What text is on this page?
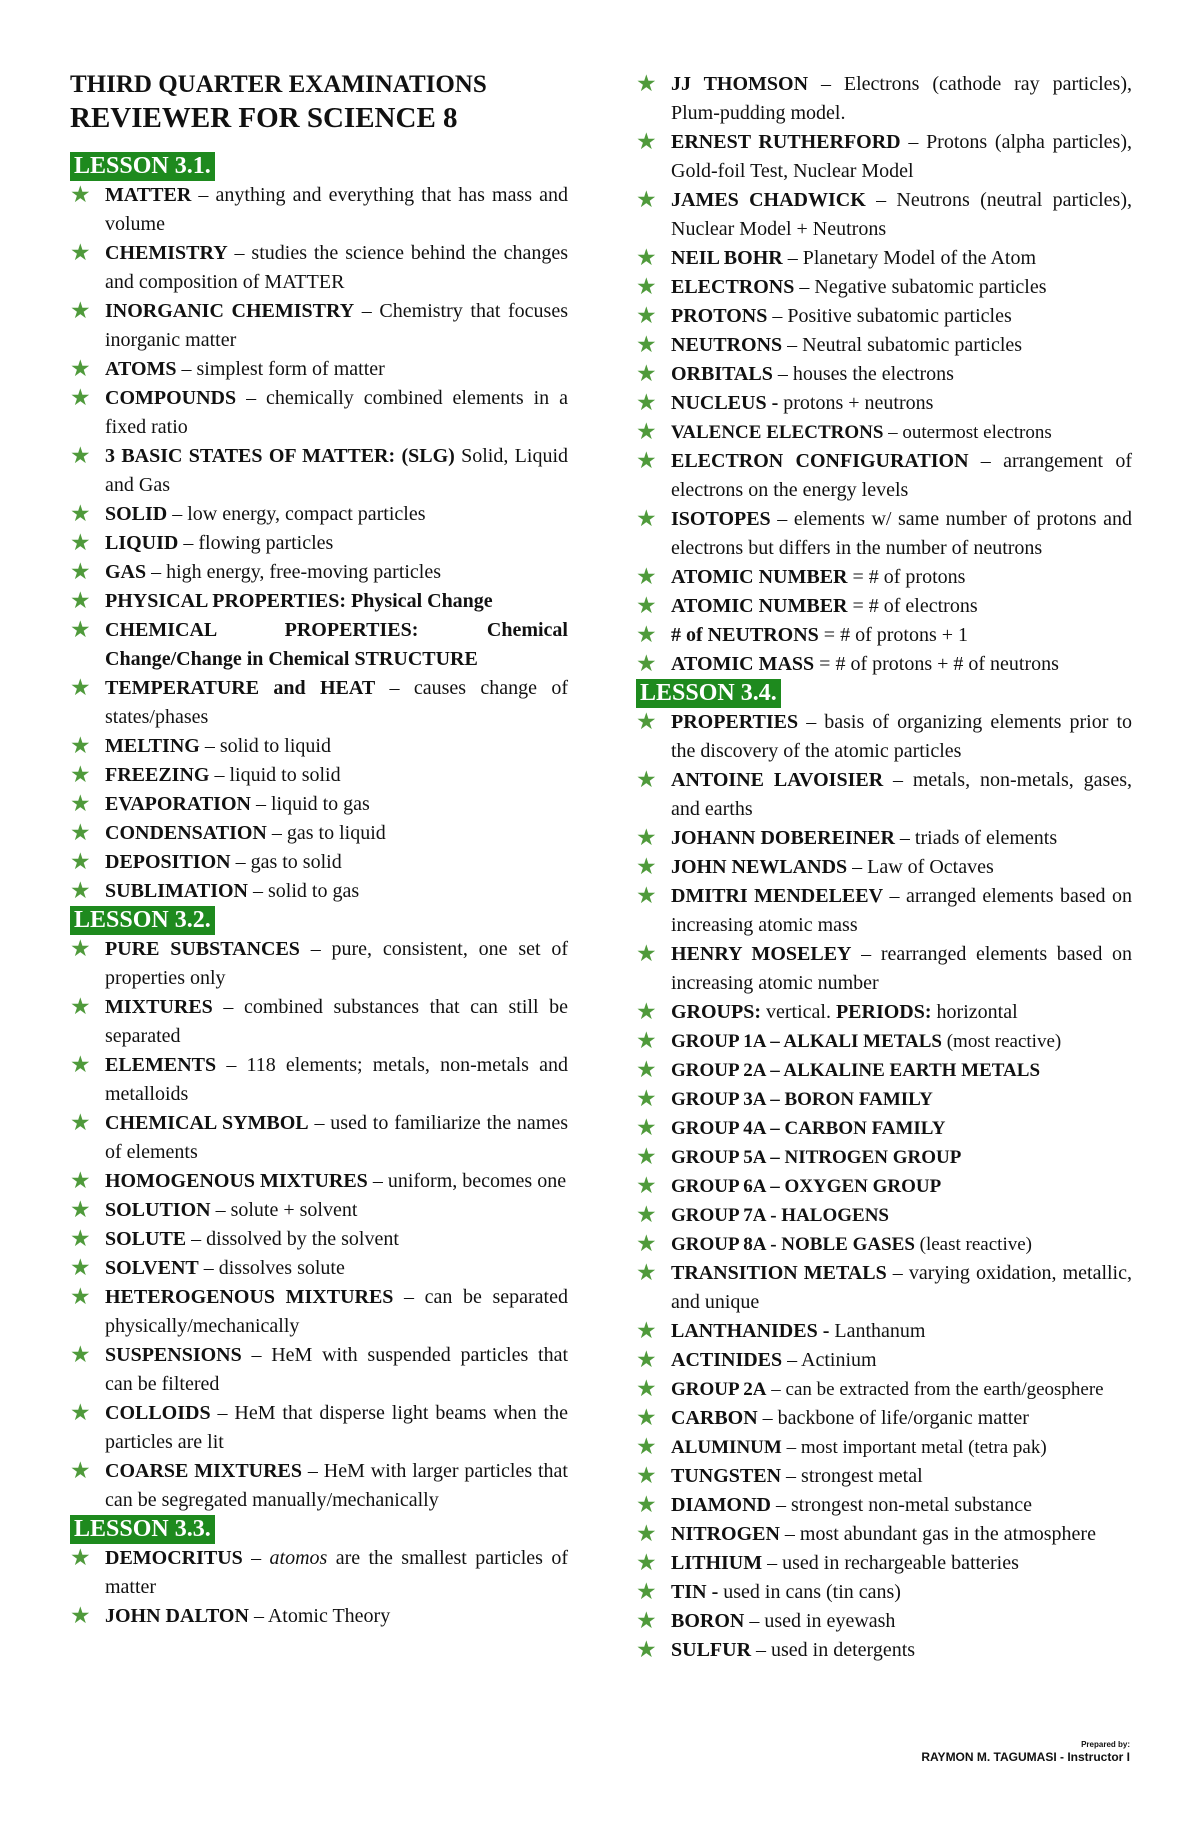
THIRD QUARTER EXAMINATIONS

REVIEWER FOR SCIENCE 8

LESSON 3.1.
★ MATTER – anything and everything that has mass and volume
★ CHEMISTRY – studies the science behind the changes and composition of MATTER
★ INORGANIC CHEMISTRY – Chemistry that focuses inorganic matter
★ ATOMS – simplest form of matter
★ COMPOUNDS – chemically combined elements in a fixed ratio
★ 3 BASIC STATES OF MATTER: (SLG) Solid, Liquid and Gas
★ SOLID – low energy, compact particles
★ LIQUID – flowing particles
★ GAS – high energy, free-moving particles
★ PHYSICAL PROPERTIES: Physical Change
★ CHEMICAL PROPERTIES: Chemical Change/Change in Chemical STRUCTURE
★ TEMPERATURE and HEAT – causes change of states/phases
★ MELTING – solid to liquid
★ FREEZING – liquid to solid
★ EVAPORATION – liquid to gas
★ CONDENSATION – gas to liquid
★ DEPOSITION – gas to solid
★ SUBLIMATION – solid to gas
LESSON 3.2.
★ PURE SUBSTANCES – pure, consistent, one set of properties only
★ MIXTURES – combined substances that can still be separated
★ ELEMENTS – 118 elements; metals, non-metals and metalloids
★ CHEMICAL SYMBOL – used to familiarize the names of elements
★ HOMOGENOUS MIXTURES – uniform, becomes one
★ SOLUTION – solute + solvent
★ SOLUTE – dissolved by the solvent
★ SOLVENT – dissolves solute
★ HETEROGENOUS MIXTURES – can be separated physically/mechanically
★ SUSPENSIONS – HeM with suspended particles that can be filtered
★ COLLOIDS – HeM that disperse light beams when the particles are lit
★ COARSE MIXTURES – HeM with larger particles that can be segregated manually/mechanically
LESSON 3.3.
★ DEMOCRITUS – atomos are the smallest particles of matter
★ JOHN DALTON – Atomic Theory
★ JJ THOMSON – Electrons (cathode ray particles), Plum-pudding model.
★ ERNEST RUTHERFORD – Protons (alpha particles), Gold-foil Test, Nuclear Model
★ JAMES CHADWICK – Neutrons (neutral particles), Nuclear Model + Neutrons
★ NEIL BOHR – Planetary Model of the Atom
★ ELECTRONS – Negative subatomic particles
★ PROTONS – Positive subatomic particles
★ NEUTRONS – Neutral subatomic particles
★ ORBITALS – houses the electrons
★ NUCLEUS - protons + neutrons
★ VALENCE ELECTRONS – outermost electrons
★ ELECTRON CONFIGURATION – arrangement of electrons on the energy levels
★ ISOTOPES – elements w/ same number of protons and electrons but differs in the number of neutrons
★ ATOMIC NUMBER = # of protons
★ ATOMIC NUMBER = # of electrons
★ # of NEUTRONS = # of protons + 1
★ ATOMIC MASS = # of protons + # of neutrons
LESSON 3.4.
★ PROPERTIES – basis of organizing elements prior to the discovery of the atomic particles
★ ANTOINE LAVOISIER – metals, non-metals, gases, and earths
★ JOHANN DOBEREINER – triads of elements
★ JOHN NEWLANDS – Law of Octaves
★ DMITRI MENDELEEV – arranged elements based on increasing atomic mass
★ HENRY MOSELEY – rearranged elements based on increasing atomic number
★ GROUPS: vertical. PERIODS: horizontal
★ GROUP 1A – ALKALI METALS (most reactive)
★ GROUP 2A – ALKALINE EARTH METALS
★ GROUP 3A – BORON FAMILY
★ GROUP 4A – CARBON FAMILY
★ GROUP 5A – NITROGEN GROUP
★ GROUP 6A – OXYGEN GROUP
★ GROUP 7A - HALOGENS
★ GROUP 8A - NOBLE GASES (least reactive)
★ TRANSITION METALS – varying oxidation, metallic, and unique
★ LANTHANIDES - Lanthanum
★ ACTINIDES – Actinium
★ GROUP 2A – can be extracted from the earth/geosphere
★ CARBON – backbone of life/organic matter
★ ALUMINUM – most important metal (tetra pak)
★ TUNGSTEN – strongest metal
★ DIAMOND – strongest non-metal substance
★ NITROGEN – most abundant gas in the atmosphere
★ LITHIUM – used in rechargeable batteries
★ TIN - used in cans (tin cans)
★ BORON – used in eyewash
★ SULFUR – used in detergents
Prepared by:
RAYMON M. TAGUMASI - Instructor I
